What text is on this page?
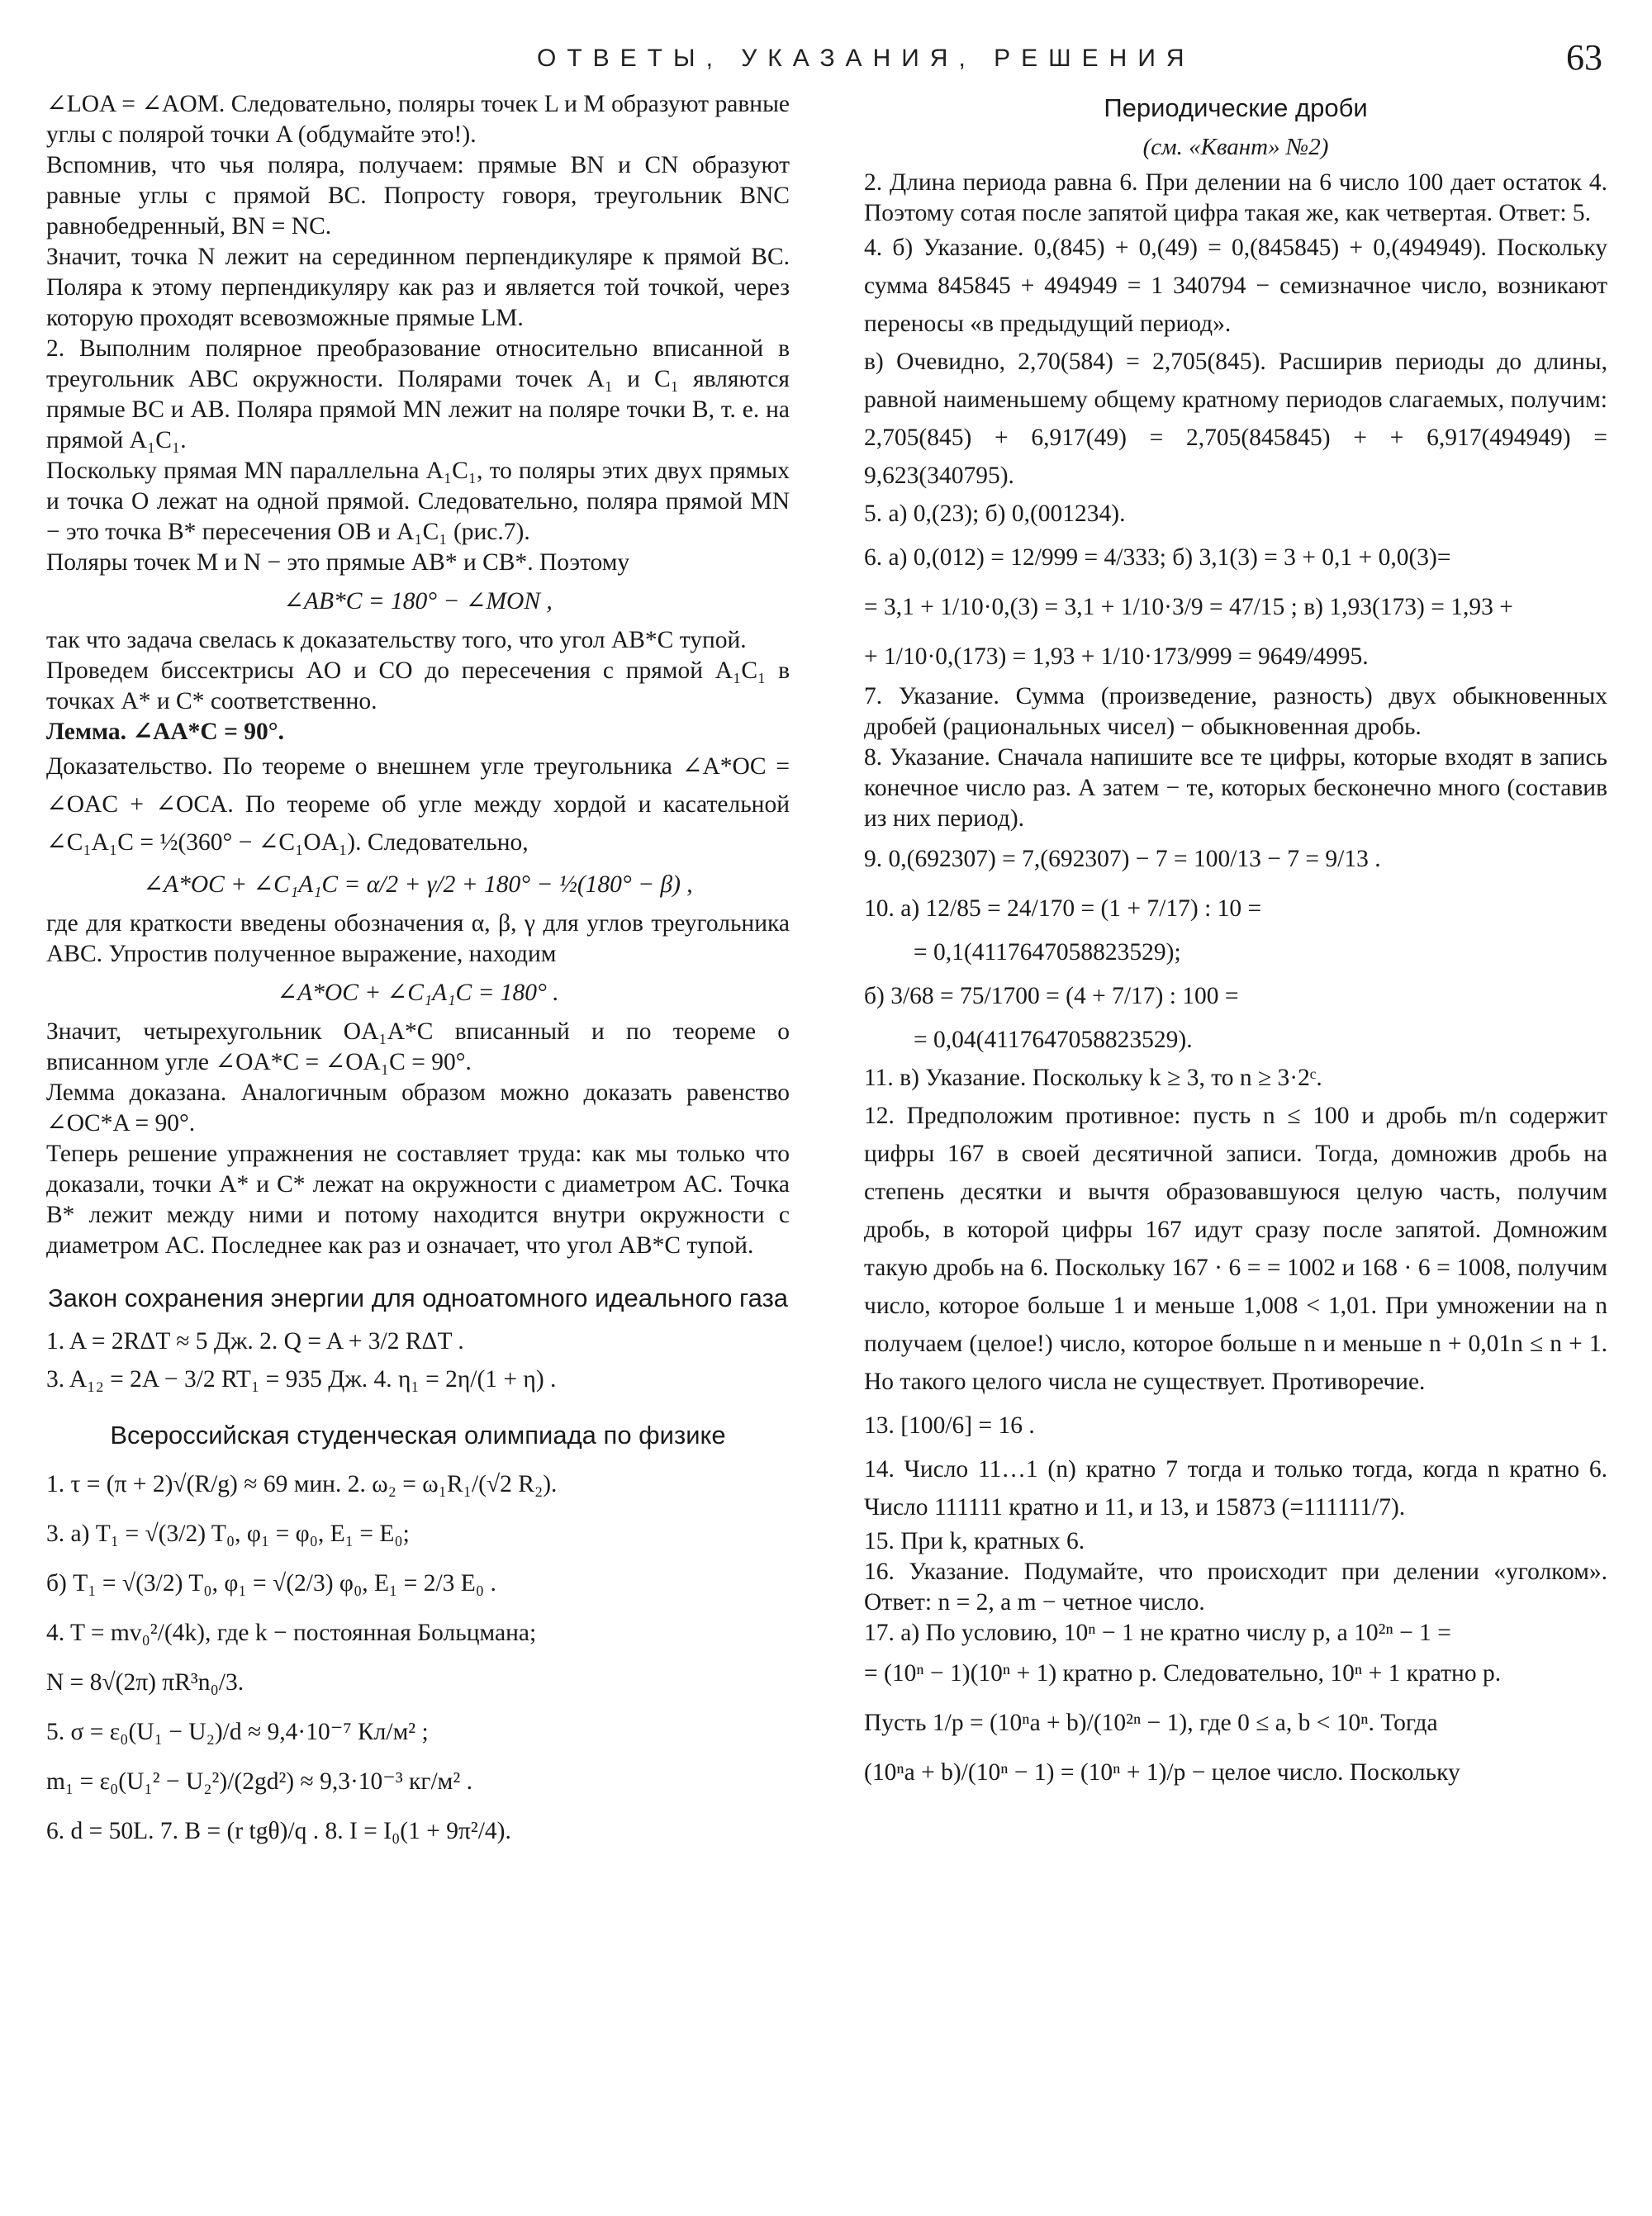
ОТВЕТЫ, УКАЗАНИЯ, РЕШЕНИЯ	63

∠LOA = ∠AOM. Следовательно, поляры точек L и M образуют равные углы с полярой точки A (обдумайте это!).

Вспомнив, что чья поляра, получаем: прямые BN и CN образуют равные углы с прямой BC. Попросту говоря, треугольник BNC равнобедренный, BN = NC.

Значит, точка N лежит на серединном перпендикуляре к прямой BC. Поляра к этому перпендикуляру как раз и является той точкой, через которую проходят всевозможные прямые LM.

2. Выполним полярное преобразование относительно вписанной в треугольник ABC окружности. Полярами точек A₁ и C₁ являются прямые BC и AB. Поляра прямой MN лежит на поляре точки B, т. е. на прямой A₁C₁.

Поскольку прямая MN параллельна A₁C₁, то поляры этих двух прямых и точка O лежат на одной прямой. Следовательно, поляра прямой MN − это точка B* пересечения OB и A₁C₁ (рис.7).

Поляры точек M и N − это прямые AB* и CB*. Поэтому

∠AB*C = 180° − ∠MON ,

так что задача свелась к доказательству того, что угол AB*C тупой.

Проведем биссектрисы AO и CO до пересечения с прямой A₁C₁ в точках A* и C* соответственно.

Лемма. ∠AA*C = 90°.

Доказательство. По теореме о внешнем угле треугольника ∠A*OC = ∠OAC + ∠OCA. По теореме об угле между хордой и касательной ∠C₁A₁C = ½(360° − ∠C₁OA₁). Следовательно,

∠A*OC + ∠C₁A₁C = α/2 + γ/2 + 180° − ½(180° − β) ,

где для краткости введены обозначения α, β, γ для углов треугольника ABC. Упростив полученное выражение, находим

∠A*OC + ∠C₁A₁C = 180° .

Значит, четырехугольник OA₁A*C вписанный и по теореме о вписанном угле ∠OA*C = ∠OA₁C = 90°.

Лемма доказана. Аналогичным образом можно доказать равенство ∠OC*A = 90°.

Теперь решение упражнения не составляет труда: как мы только что доказали, точки A* и C* лежат на окружности с диаметром AC. Точка B* лежит между ними и потому находится внутри окружности с диаметром AC. Последнее как раз и означает, что угол AB*C тупой.

Закон сохранения энергии для одноатомного идеального газа

1. A = 2RΔT ≈ 5 Дж. 2. Q = A + 3/2 RΔT .

3. A₁₂ = 2A − 3/2 RT₁ = 935 Дж. 4. η₁ = 2η/(1 + η) .

Всероссийская студенческая олимпиада по физике

1. τ = (π + 2)√(R/g) ≈ 69 мин. 2. ω₂ = ω₁R₁/(√2 R₂).

3. а) T₁ = √(3/2) T₀, φ₁ = φ₀, E₁ = E₀;

б) T₁ = √(3/2) T₀, φ₁ = √(2/3) φ₀, E₁ = 2/3 E₀ .

4. T = mv₀²/(4k), где k − постоянная Больцмана;

N = 8√(2π) πR³n₀/3.

5. σ = ε₀(U₁ − U₂)/d ≈ 9,4·10⁻⁷ Кл/м² ;

m₁ = ε₀(U₁² − U₂²)/(2gd²) ≈ 9,3·10⁻³ кг/м² .

6. d = 50L. 7. B = (r tgθ)/q . 8. I = I₀(1 + 9π²/4).

Периодические дроби
(см. «Квант» №2)

2. Длина периода равна 6. При делении на 6 число 100 дает остаток 4. Поэтому сотая после запятой цифра такая же, как четвертая. Ответ: 5.

4. б) Указание. 0,(845) + 0,(49) = 0,(845845) + 0,(494949). Поскольку сумма 845845 + 494949 = 1 340794 − семизначное число, возникают переносы «в предыдущий период».

в) Очевидно, 2,70(584) = 2,705(845). Расширив периоды до длины, равной наименьшему общему кратному периодов слагаемых, получим: 2,705(845) + 6,917(49) = 2,705(845845) + + 6,917(494949) = 9,623(340795).

5. а) 0,(23); б) 0,(001234).

6. а) 0,(012) = 12/999 = 4/333; б) 3,1(3) = 3 + 0,1 + 0,0(3)=

= 3,1 + 1/10·0,(3) = 3,1 + 1/10·3/9 = 47/15 ; в) 1,93(173) = 1,93 +

+ 1/10·0,(173) = 1,93 + 1/10·173/999 = 9649/4995.

7. Указание. Сумма (произведение, разность) двух обыкновенных дробей (рациональных чисел) − обыкновенная дробь.

8. Указание. Сначала напишите все те цифры, которые входят в запись конечное число раз. А затем − те, которых бесконечно много (составив из них период).

9. 0,(692307) = 7,(692307) − 7 = 100/13 − 7 = 9/13 .

10. а) 12/85 = 24/170 = (1 + 7/17) : 10 =

= 0,1(4117647058823529);

б) 3/68 = 75/1700 = (4 + 7/17) : 100 =

= 0,04(4117647058823529).

11. в) Указание. Поскольку k ≥ 3, то n ≥ 3·2ᶜ.

12. Предположим противное: пусть n ≤ 100 и дробь m/n содержит цифры 167 в своей десятичной записи. Тогда, домножив дробь на степень десятки и вычтя образовавшуюся целую часть, получим дробь, в которой цифры 167 идут сразу после запятой. Домножим такую дробь на 6. Поскольку 167 · 6 = = 1002 и 168 · 6 = 1008, получим число, которое больше 1 и меньше 1,008 < 1,01. При умножении на n получаем (целое!) число, которое больше n и меньше n + 0,01n ≤ n + 1. Но такого целого числа не существует. Противоречие.

13. [100/6] = 16 .

14. Число 11…1 (n) кратно 7 тогда и только тогда, когда n кратно 6. Число 111111 кратно и 11, и 13, и 15873 (=111111/7).

15. При k, кратных 6.

16. Указание. Подумайте, что происходит при делении «уголком». Ответ: n = 2, а m − четное число.

17. а) По условию, 10ⁿ − 1 не кратно числу p, а 10²ⁿ − 1 =

= (10ⁿ − 1)(10ⁿ + 1) кратно p. Следовательно, 10ⁿ + 1 кратно p.

Пусть 1/p = (10ⁿa + b)/(10²ⁿ − 1), где 0 ≤ a, b < 10ⁿ. Тогда

(10ⁿa + b)/(10ⁿ − 1) = (10ⁿ + 1)/p − целое число. Поскольку
